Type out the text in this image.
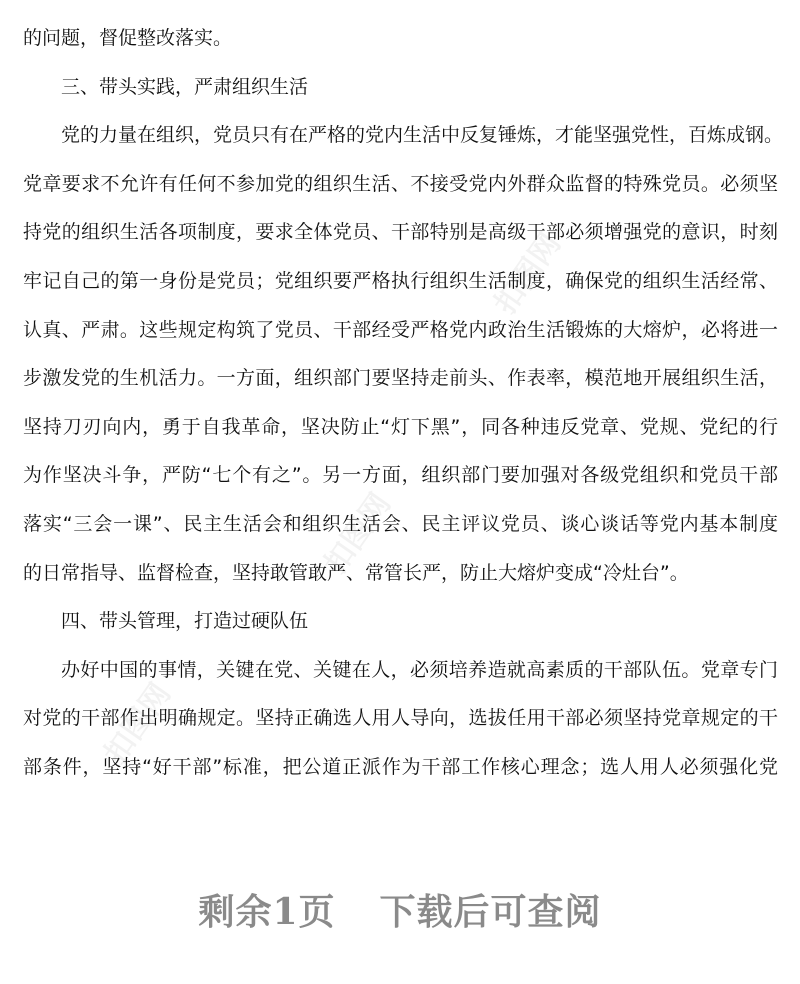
的问题，督促整改落实。
三、带头实践，严肃组织生活
党的力量在组织，党员只有在严格的党内生活中反复锤炼，才能坚强党性，百炼成钢。
党章要求不允许有任何不参加党的组织生活、不接受党内外群众监督的特殊党员。必须坚
持党的组织生活各项制度，要求全体党员、干部特别是高级干部必须增强党的意识，时刻
牢记自己的第一身份是党员；党组织要严格执行组织生活制度，确保党的组织生活经常、
认真、严肃。这些规定构筑了党员、干部经受严格党内政治生活锻炼的大熔炉，必将进一
步激发党的生机活力。一方面，组织部门要坚持走前头、作表率，模范地开展组织生活，
坚持刀刃向内，勇于自我革命，坚决防止“灯下黑”，同各种违反党章、党规、党纪的行
为作坚决斗争，严防“七个有之”。另一方面，组织部门要加强对各级党组织和党员干部
落实“三会一课”、民主生活会和组织生活会、民主评议党员、谈心谈话等党内基本制度
的日常指导、监督检查，坚持敢管敢严、常管长严，防止大熔炉变成“冷灶台”。
四、带头管理，打造过硬队伍
办好中国的事情，关键在党、关键在人，必须培养造就高素质的干部队伍。党章专门
对党的干部作出明确规定。坚持正确选人用人导向，选拔任用干部必须坚持党章规定的干
部条件，坚持“好干部”标准，把公道正派作为干部工作核心理念；选人用人必须强化党
扣图网
扣图网
扣图网
剩余1页 下载后可查阅
